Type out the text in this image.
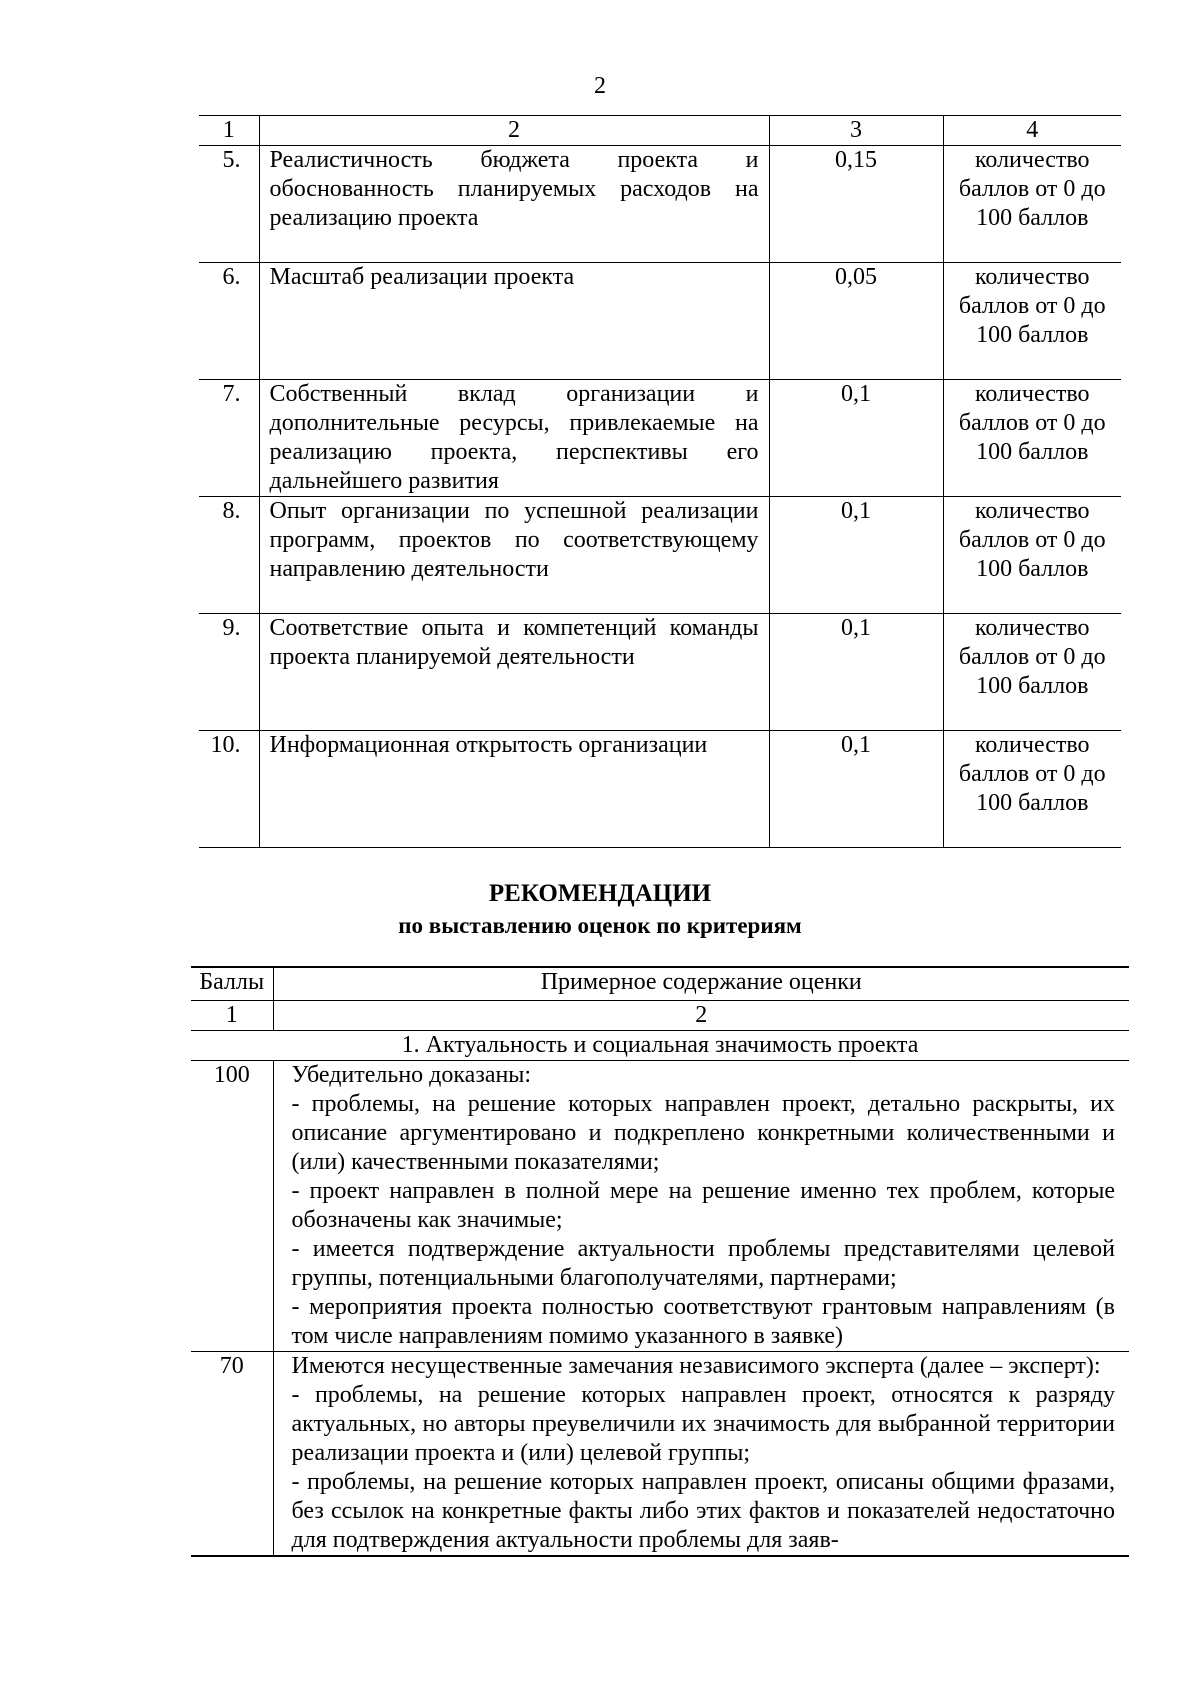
2
1	2	3	4
5.	Реалистичность бюджета проекта и обоснованность планируемых расходов на реализацию проекта	0,15	количество баллов от 0 до 100 баллов
6.	Масштаб реализации проекта	0,05	количество баллов от 0 до 100 баллов
7.	Собственный вклад организации и дополнительные ресурсы, привлекаемые на реализацию проекта, перспективы его дальнейшего развития	0,1	количество баллов от 0 до 100 баллов
8.	Опыт организации по успешной реализации программ, проектов по соответствующему направлению деятельности	0,1	количество баллов от 0 до 100 баллов
9.	Соответствие опыта и компетенций команды проекта планируемой деятельности	0,1	количество баллов от 0 до 100 баллов
10.	Информационная открытость организации	0,1	количество баллов от 0 до 100 баллов
РЕКОМЕНДАЦИИ
по выставлению оценок по критериям
Баллы	Примерное содержание оценки
1	2
1. Актуальность и социальная значимость проекта	
100	Убедительно доказаны:
- проблемы, на решение которых направлен проект, детально раскрыты, их описание аргументировано и подкреплено конкретными количественными и (или) качественными показателями;
- проект направлен в полной мере на решение именно тех проблем, которые обозначены как значимые;
- имеется подтверждение актуальности проблемы представителями целевой группы, потенциальными благополучателями, партнерами;
- мероприятия проекта полностью соответствуют грантовым направлениям (в том числе направлениям помимо указанного в заявке)

70	Имеются несущественные замечания независимого эксперта (далее – эксперт):
- проблемы, на решение которых направлен проект, относятся к разряду актуальных, но авторы преувеличили их значимость для выбранной территории реализации проекта и (или) целевой группы;
- проблемы, на решение которых направлен проект, описаны общими фразами, без ссылок на конкретные факты либо этих фактов и показателей недостаточно для подтверждения актуальности проблемы для заяв-
